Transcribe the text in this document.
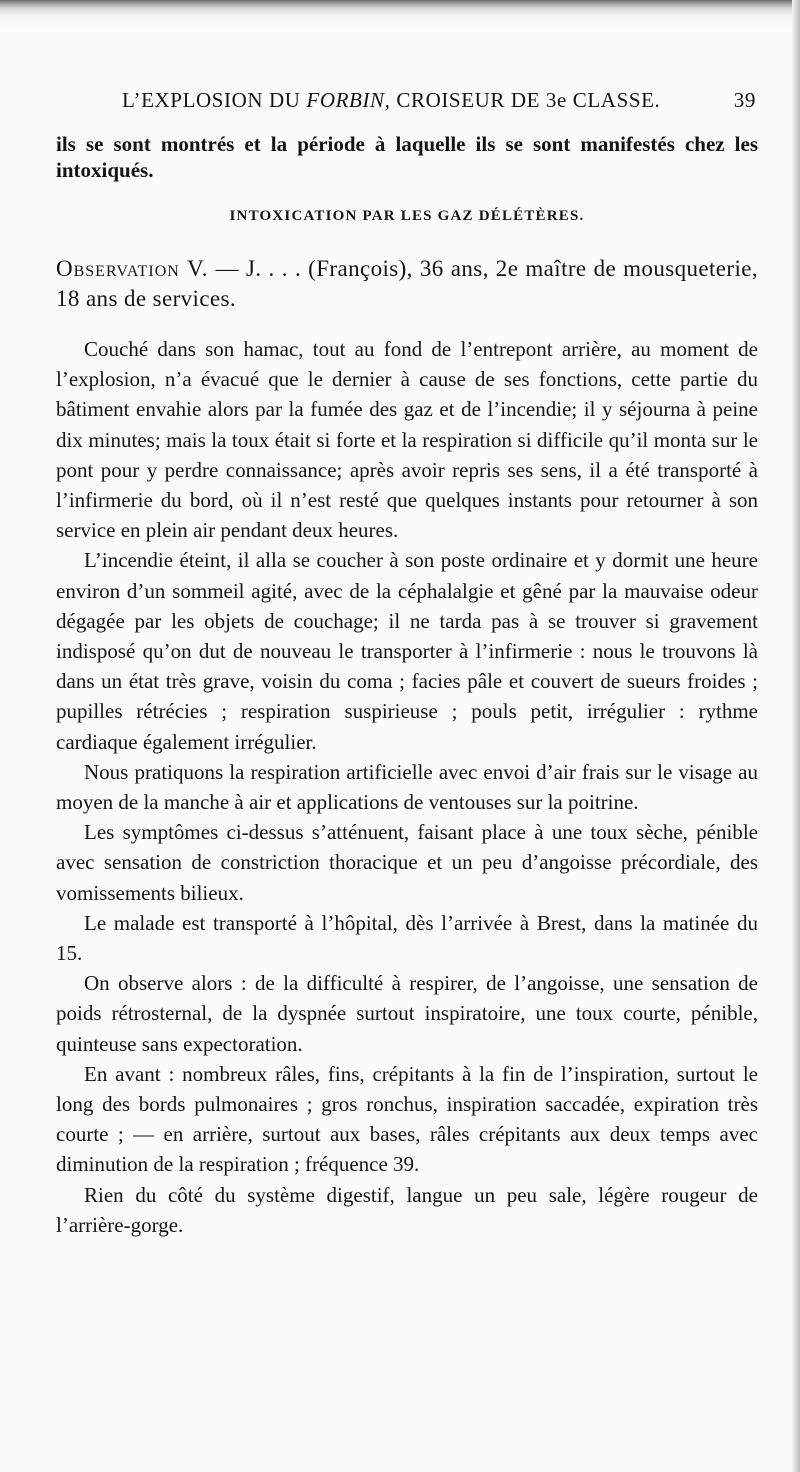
L’EXPLOSION DU FORBIN, CROISEUR DE 3e CLASSE.	39

ils se sont montrés et la période à laquelle ils se sont manifestés chez les intoxiqués.

INTOXICATION PAR LES GAZ DÉLÉTÈRES.
Observation V. — J. . . . (François), 36 ans, 2e maître de mousqueterie, 18 ans de services.

Couché dans son hamac, tout au fond de l’entrepont arrière, au moment de l’explosion, n’a évacué que le dernier à cause de ses fonctions, cette partie du bâtiment envahie alors par la fumée des gaz et de l’incendie; il y séjourna à peine dix minutes; mais la toux était si forte et la respiration si difficile qu’il monta sur le pont pour y perdre connaissance; après avoir repris ses sens, il a été transporté à l’infirmerie du bord, où il n’est resté que quelques instants pour retourner à son service en plein air pendant deux heures.

L’incendie éteint, il alla se coucher à son poste ordinaire et y dormit une heure environ d’un sommeil agité, avec de la céphalalgie et gêné par la mauvaise odeur dégagée par les objets de couchage; il ne tarda pas à se trouver si gravement indisposé qu’on dut de nouveau le transporter à l’infirmerie : nous le trouvons là dans un état très grave, voisin du coma ; facies pâle et couvert de sueurs froides ; pupilles rétrécies ; respiration suspirieuse ; pouls petit, irrégulier : rythme cardiaque également irrégulier.

Nous pratiquons la respiration artificielle avec envoi d’air frais sur le visage au moyen de la manche à air et applications de ventouses sur la poitrine.

Les symptômes ci-dessus s’atténuent, faisant place à une toux sèche, pénible avec sensation de constriction thoracique et un peu d’angoisse précordiale, des vomissements bilieux.

Le malade est transporté à l’hôpital, dès l’arrivée à Brest, dans la matinée du 15.

On observe alors : de la difficulté à respirer, de l’angoisse, une sensation de poids rétrosternal, de la dyspnée surtout inspiratoire, une toux courte, pénible, quinteuse sans expectoration.

En avant : nombreux râles, fins, crépitants à la fin de l’inspiration, surtout le long des bords pulmonaires ; gros ronchus, inspiration saccadée, expiration très courte ; — en arrière, surtout aux bases, râles crépitants aux deux temps avec diminution de la respiration ; fréquence 39.

Rien du côté du système digestif, langue un peu sale, légère rougeur de l’arrière-gorge.
